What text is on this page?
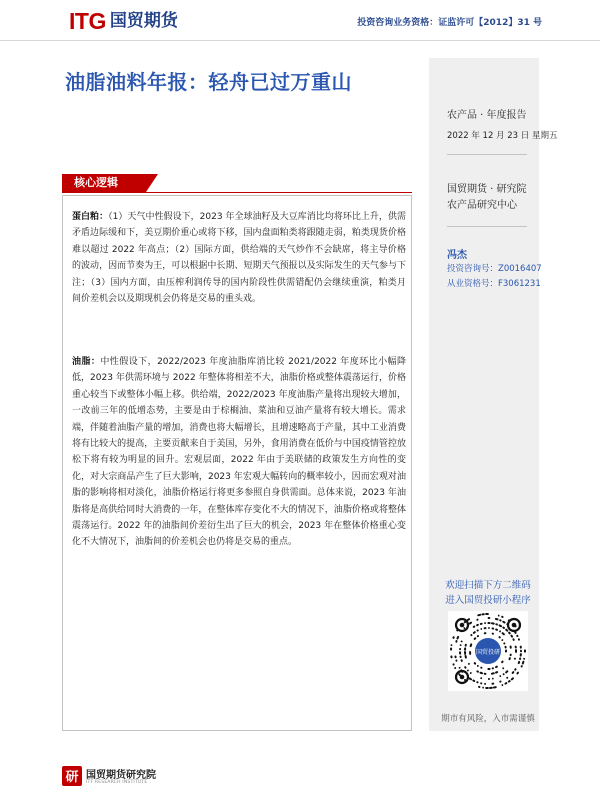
ITG 国贸期货	投资咨询业务资格：证监许可【2012】31 号
油脂油料年报：轻舟已过万重山
农产品 · 年度报告
2022 年 12 月 23 日 星期五
国贸期货 · 研究院
农产品研究中心
冯杰
投资咨询号：Z0016407
从业资格号：F3061231
欢迎扫描下方二维码
进入国贸投研小程序
国贸投研
期市有风险，入市需谨慎
核心逻辑

蛋白粕：（1）天气中性假设下，2023 年全球油籽及大豆库消比均将环比上升，供需矛盾边际缓和下，美豆期价重心或将下移，国内盘面粕类将跟随走弱，粕类现货价格难以超过 2022 年高点；（2）国际方面，供给端的天气炒作不会缺席，将主导价格的波动，因而节奏为王，可以根据中长期、短期天气预报以及实际发生的天气参与下注；（3）国内方面，由压榨利润传导的国内阶段性供需错配仍会继续重演，粕类月间价差机会以及期现机会仍将是交易的重头戏。

油脂：中性假设下，2022/2023 年度油脂库消比较 2021/2022 年度环比小幅降低，2023 年供需环境与 2022 年整体将相差不大，油脂价格或整体震荡运行，价格重心较当下或整体小幅上移。供给端，2022/2023 年度油脂产量将出现较大增加，一改前三年的低增态势，主要是由于棕榈油、菜油和豆油产量将有较大增长。需求端，伴随着油脂产量的增加，消费也将大幅增长，且增速略高于产量，其中工业消费将有比较大的提高，主要贡献来自于美国，另外，食用消费在低价与中国疫情管控放松下将有较为明显的回升。宏观层面，2022 年由于美联储的政策发生方向性的变化，对大宗商品产生了巨大影响，2023 年宏观大幅转向的概率较小，因而宏观对油脂的影响将相对淡化，油脂价格运行将更多参照自身供需面。总体来说，2023 年油脂将是高供给同时大消费的一年，在整体库存变化不大的情况下，油脂价格或将整体震荡运行。2022 年的油脂间价差衍生出了巨大的机会，2023 年在整体价格重心变化不大情况下，油脂间的价差机会也仍将是交易的重点。

研 国贸期货研究院
ITF RESEARCH INSTITUTE
